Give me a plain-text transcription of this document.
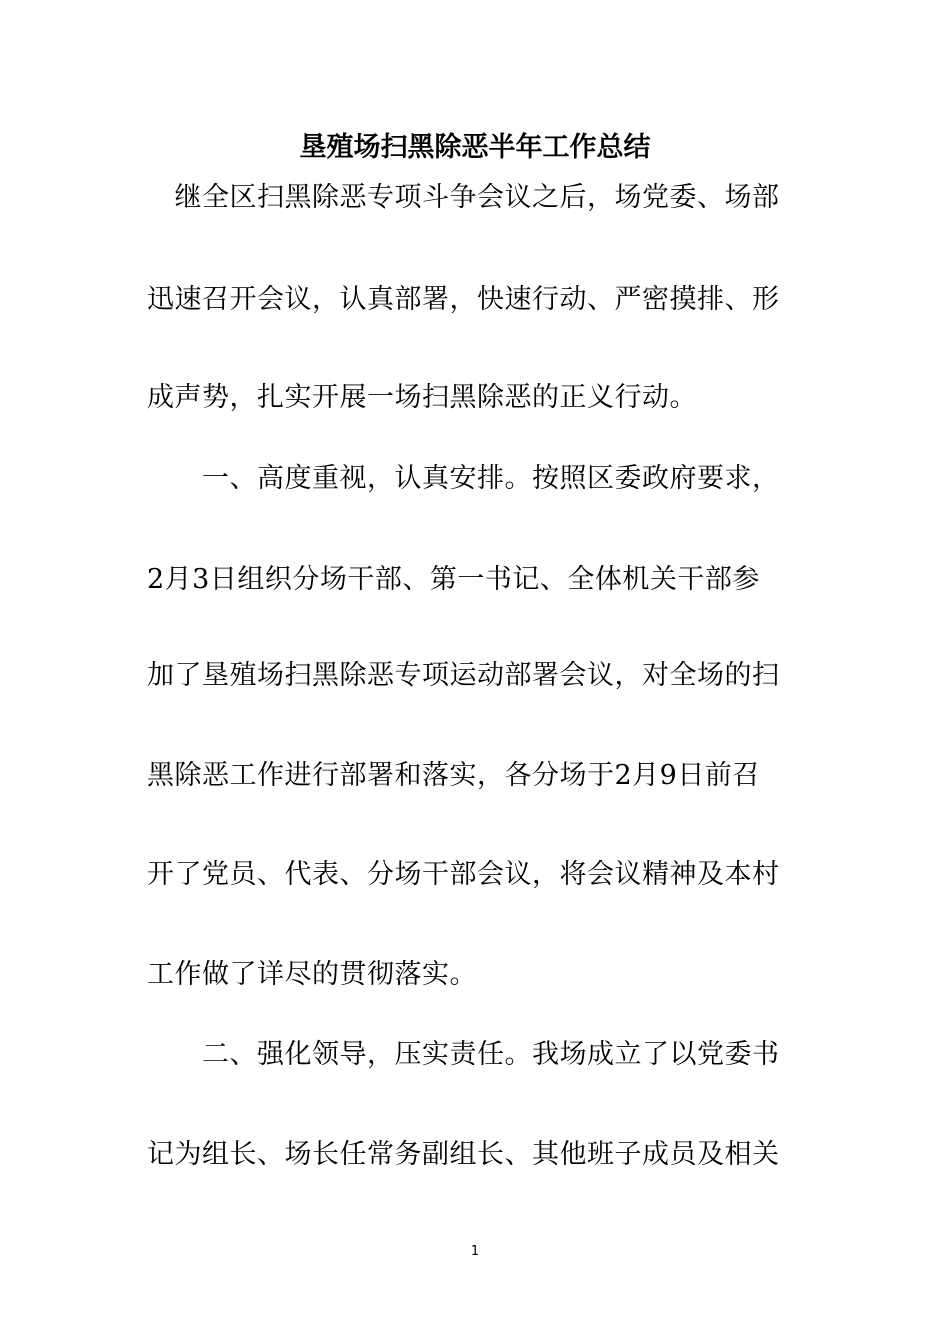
垦殖场扫黑除恶半年工作总结

　继全区扫黑除恶专项斗争会议之后，场党委、场部

迅速召开会议，认真部署，快速行动、严密摸排、形

成声势，扎实开展一场扫黑除恶的正义行动。

　　一、高度重视，认真安排。按照区委政府要求，

2月3日组织分场干部、第一书记、全体机关干部参

加了垦殖场扫黑除恶专项运动部署会议，对全场的扫

黑除恶工作进行部署和落实，各分场于2月9日前召

开了党员、代表、分场干部会议，将会议精神及本村

工作做了详尽的贯彻落实。

　　二、强化领导，压实责任。我场成立了以党委书

记为组长、场长任常务副组长、其他班子成员及相关

1
